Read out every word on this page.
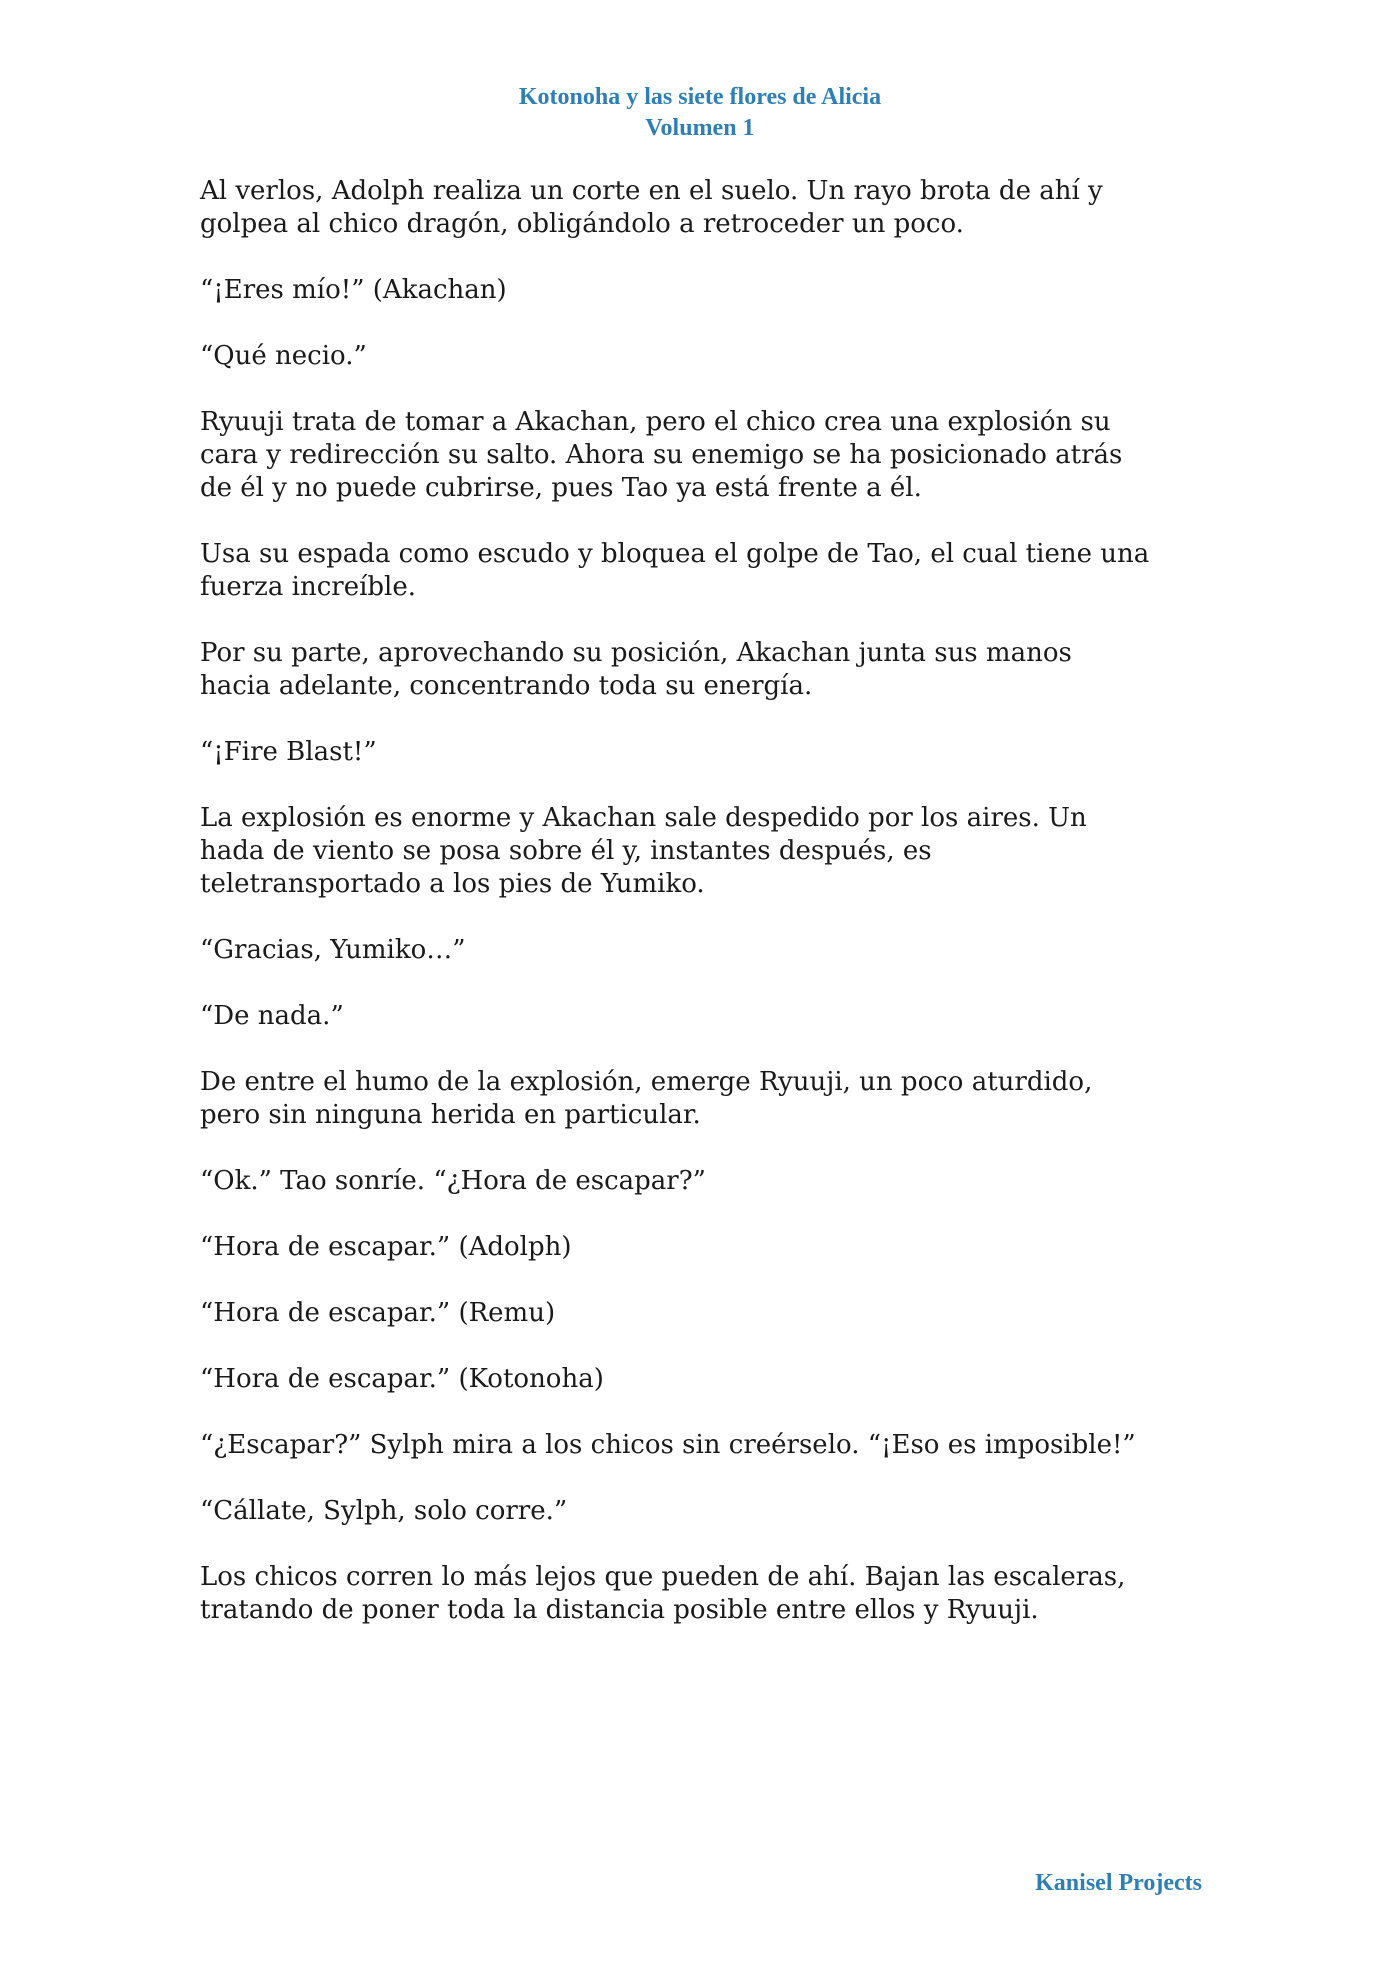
Kotonoha y las siete flores de Alicia
Volumen 1

Al verlos, Adolph realiza un corte en el suelo. Un rayo brota de ahí y
golpea al chico dragón, obligándolo a retroceder un poco.

“¡Eres mío!” (Akachan)

“Qué necio.”

Ryuuji trata de tomar a Akachan, pero el chico crea una explosión su
cara y redirección su salto. Ahora su enemigo se ha posicionado atrás
de él y no puede cubrirse, pues Tao ya está frente a él.

Usa su espada como escudo y bloquea el golpe de Tao, el cual tiene una
fuerza increíble.

Por su parte, aprovechando su posición, Akachan junta sus manos
hacia adelante, concentrando toda su energía.

“¡Fire Blast!”

La explosión es enorme y Akachan sale despedido por los aires. Un
hada de viento se posa sobre él y, instantes después, es
teletransportado a los pies de Yumiko.

“Gracias, Yumiko…”

“De nada.”

De entre el humo de la explosión, emerge Ryuuji, un poco aturdido,
pero sin ninguna herida en particular.

“Ok.” Tao sonríe. “¿Hora de escapar?”

“Hora de escapar.” (Adolph)

“Hora de escapar.” (Remu)

“Hora de escapar.” (Kotonoha)

“¿Escapar?” Sylph mira a los chicos sin creérselo. “¡Eso es imposible!”

“Cállate, Sylph, solo corre.”

Los chicos corren lo más lejos que pueden de ahí. Bajan las escaleras,
tratando de poner toda la distancia posible entre ellos y Ryuuji.

Kanisel Projects
